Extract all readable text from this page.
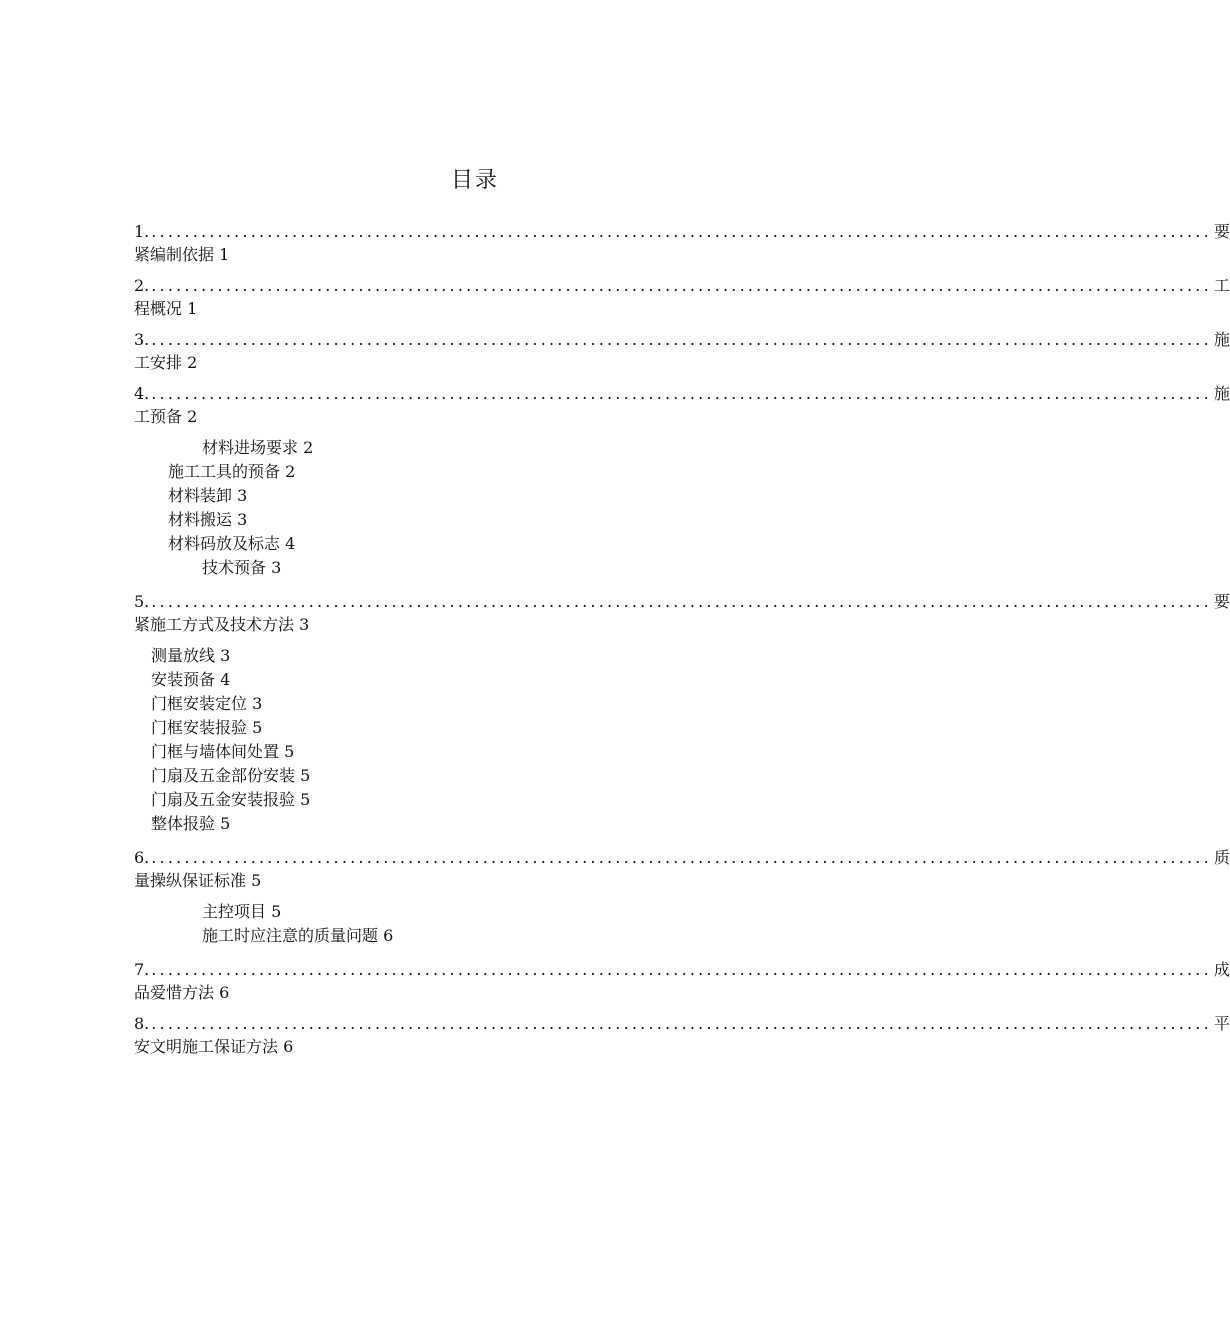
目录
1. ................................................................................................................................ 要
紧编制依据 1
2. ................................................................................................................................ 工
程概况 1
3. ................................................................................................................................ 施
工安排 2
4. ................................................................................................................................ 施
工预备 2
材料进场要求 2
施工工具的预备 2
材料装卸 3
材料搬运 3
材料码放及标志 4
技术预备 3
5. ................................................................................................................................ 要
紧施工方式及技术方法 3
测量放线 3
安装预备 4
门框安装定位 3
门框安装报验 5
门框与墙体间处置 5
门扇及五金部份安装 5
门扇及五金安装报验 5
整体报验 5
6. ................................................................................................................................ 质
量操纵保证标准 5
主控项目 5
施工时应注意的质量问题 6
7. ................................................................................................................................ 成
品爱惜方法 6
8. ................................................................................................................................ 平
安文明施工保证方法 6
